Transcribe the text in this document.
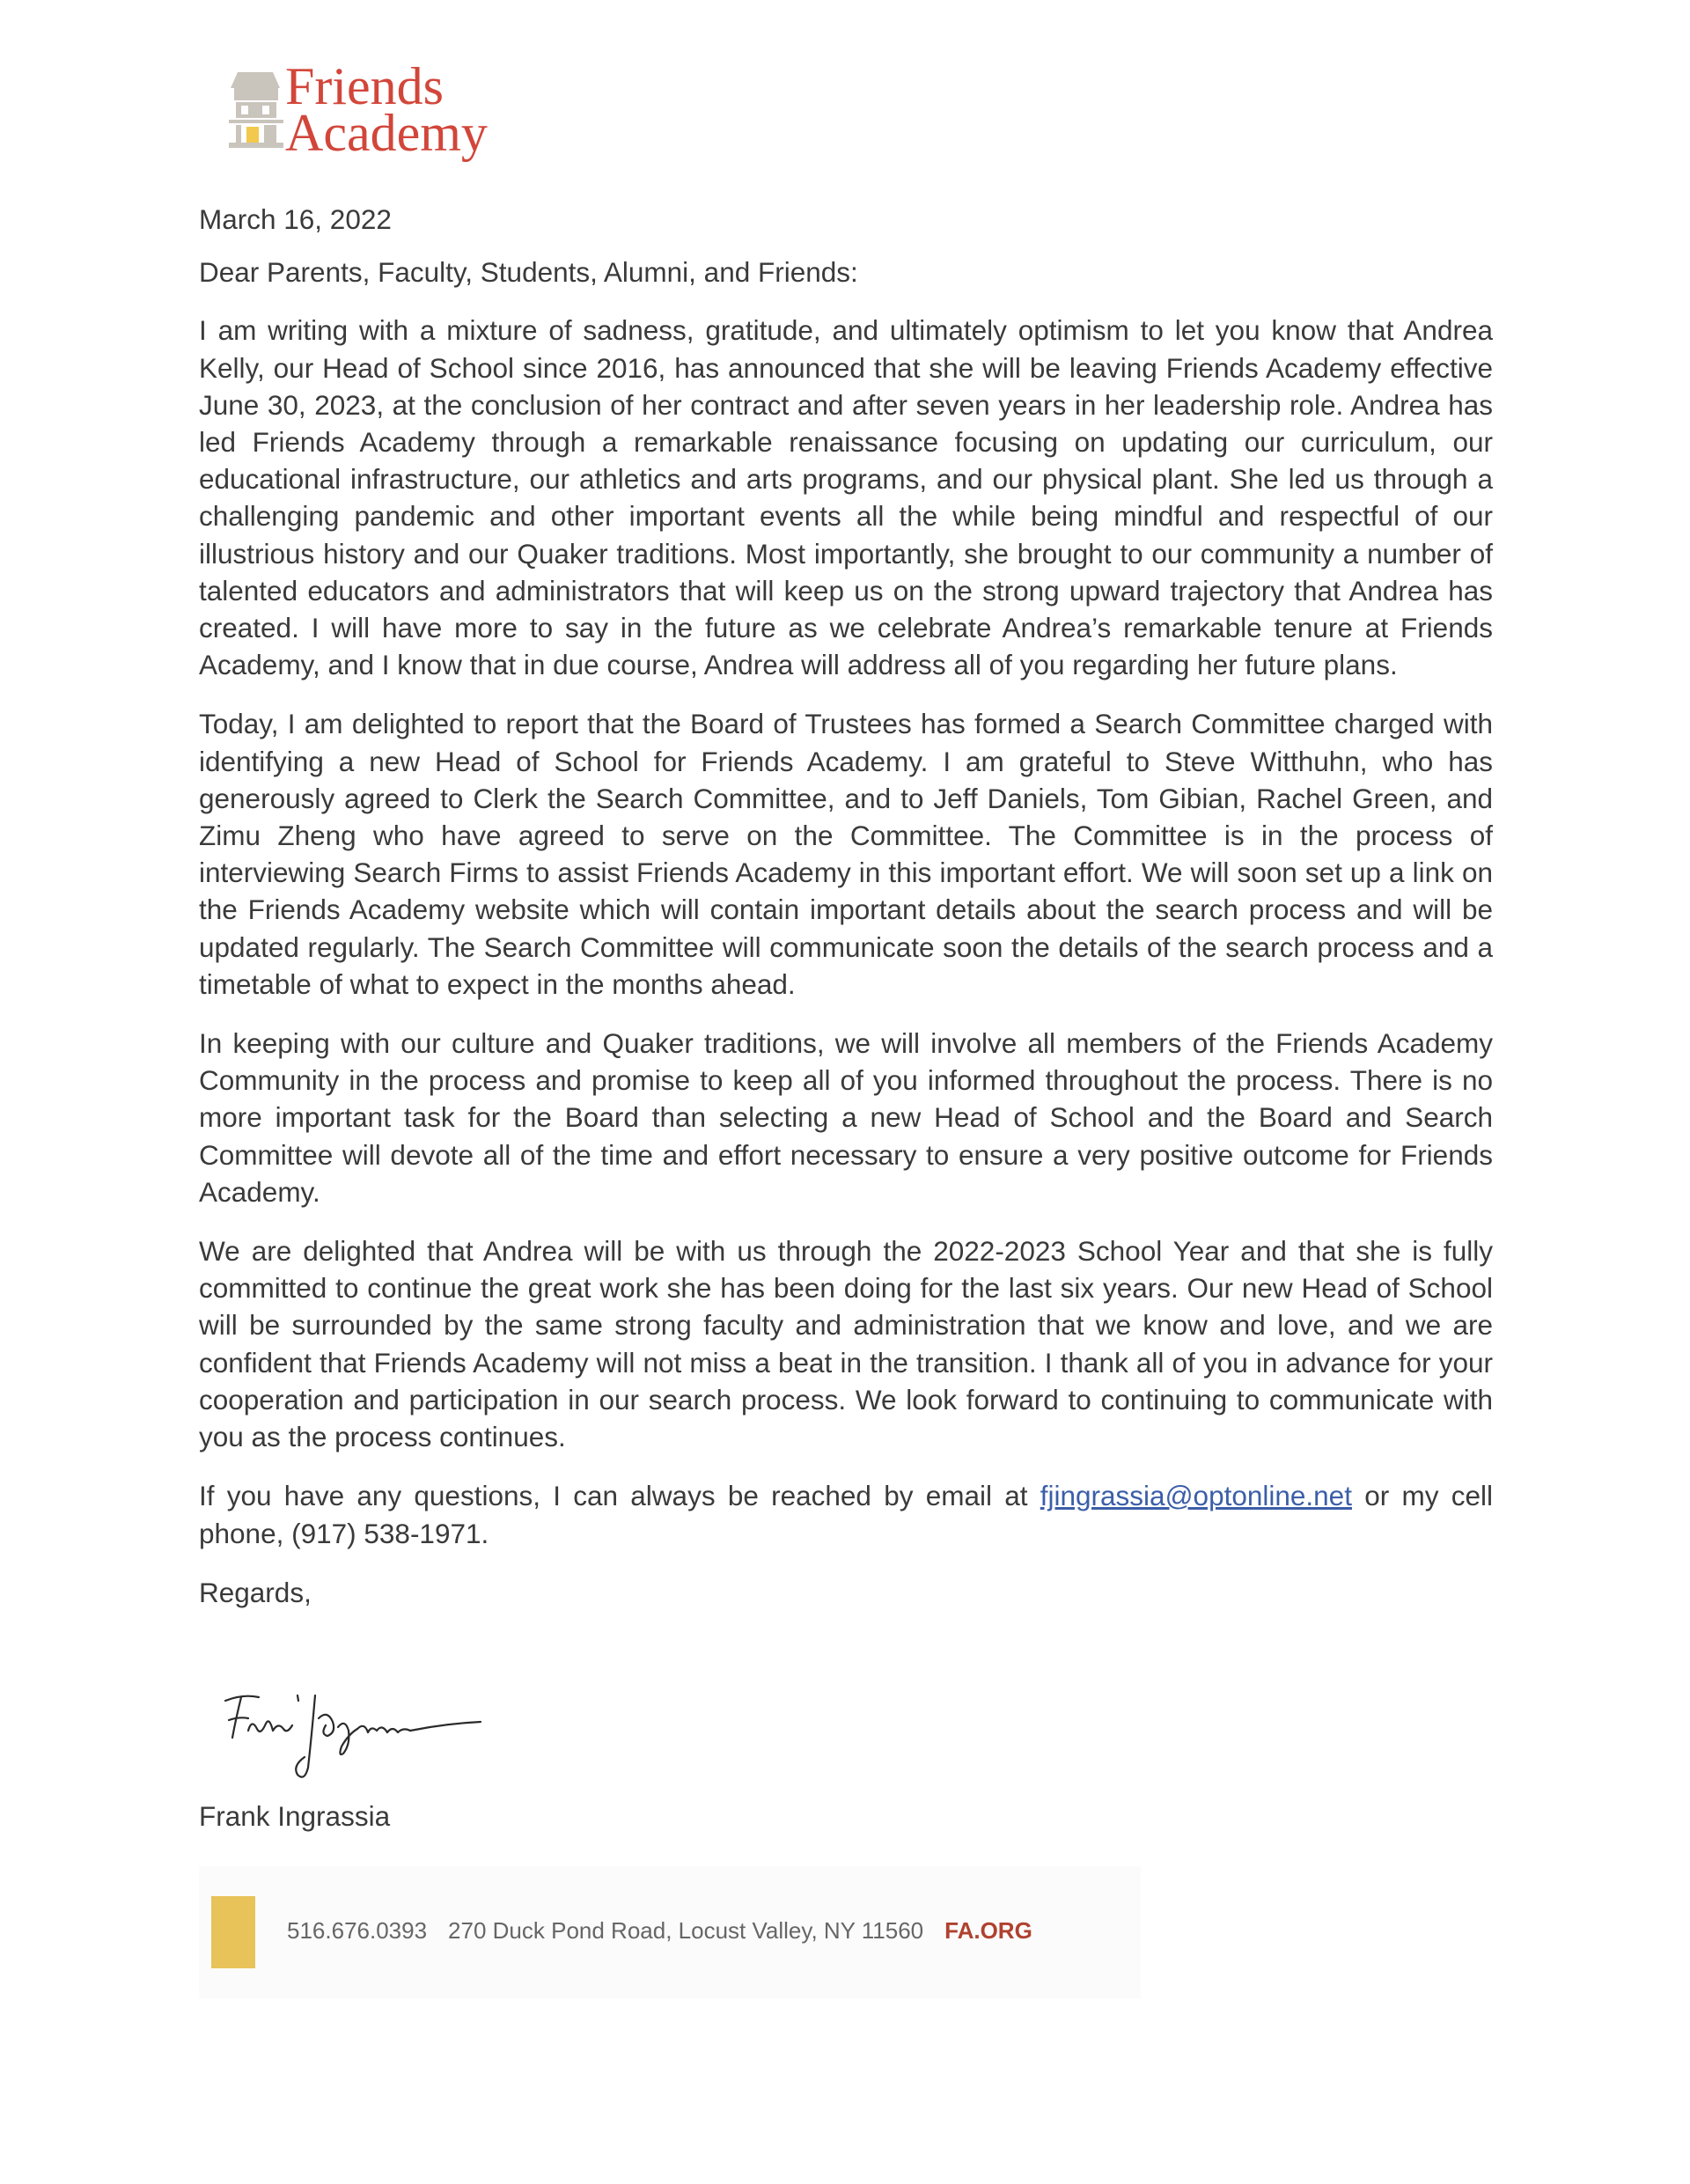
Friends
Academy

March 16, 2022

Dear Parents, Faculty, Students, Alumni, and Friends:

I am writing with a mixture of sadness, gratitude, and ultimately optimism to let you know that Andrea Kelly, our Head of School since 2016, has announced that she will be leaving Friends Academy effective June 30, 2023, at the conclusion of her contract and after seven years in her leadership role. Andrea has led Friends Academy through a remarkable renaissance focusing on updating our curriculum, our educational infrastructure, our athletics and arts programs, and our physical plant. She led us through a challenging pandemic and other important events all the while being mindful and respectful of our illustrious history and our Quaker traditions. Most importantly, she brought to our community a number of talented educators and administrators that will keep us on the strong upward trajectory that Andrea has created. I will have more to say in the future as we celebrate Andrea’s remarkable tenure at Friends Academy, and I know that in due course, Andrea will address all of you regarding her future plans.

Today, I am delighted to report that the Board of Trustees has formed a Search Committee charged with identifying a new Head of School for Friends Academy. I am grateful to Steve Witthuhn, who has generously agreed to Clerk the Search Committee, and to Jeff Daniels, Tom Gibian, Rachel Green, and Zimu Zheng who have agreed to serve on the Committee. The Committee is in the process of interviewing Search Firms to assist Friends Academy in this important effort. We will soon set up a link on the Friends Academy website which will contain important details about the search process and will be updated regularly. The Search Committee will communicate soon the details of the search process and a timetable of what to expect in the months ahead.

In keeping with our culture and Quaker traditions, we will involve all members of the Friends Academy Community in the process and promise to keep all of you informed throughout the process. There is no more important task for the Board than selecting a new Head of School and the Board and Search Committee will devote all of the time and effort necessary to ensure a very positive outcome for Friends Academy.

We are delighted that Andrea will be with us through the 2022-2023 School Year and that she is fully committed to continue the great work she has been doing for the last six years. Our new Head of School will be surrounded by the same strong faculty and administration that we know and love, and we are confident that Friends Academy will not miss a beat in the transition. I thank all of you in advance for your cooperation and participation in our search process. We look forward to continuing to communicate with you as the process continues.

If you have any questions, I can always be reached by email at fjingrassia@optonline.net or my cell phone, (917) 538-1971.

Regards,

Frank Ingrassia
516.676.0393 270 Duck Pond Road, Locust Valley, NY 11560 FA.ORG
